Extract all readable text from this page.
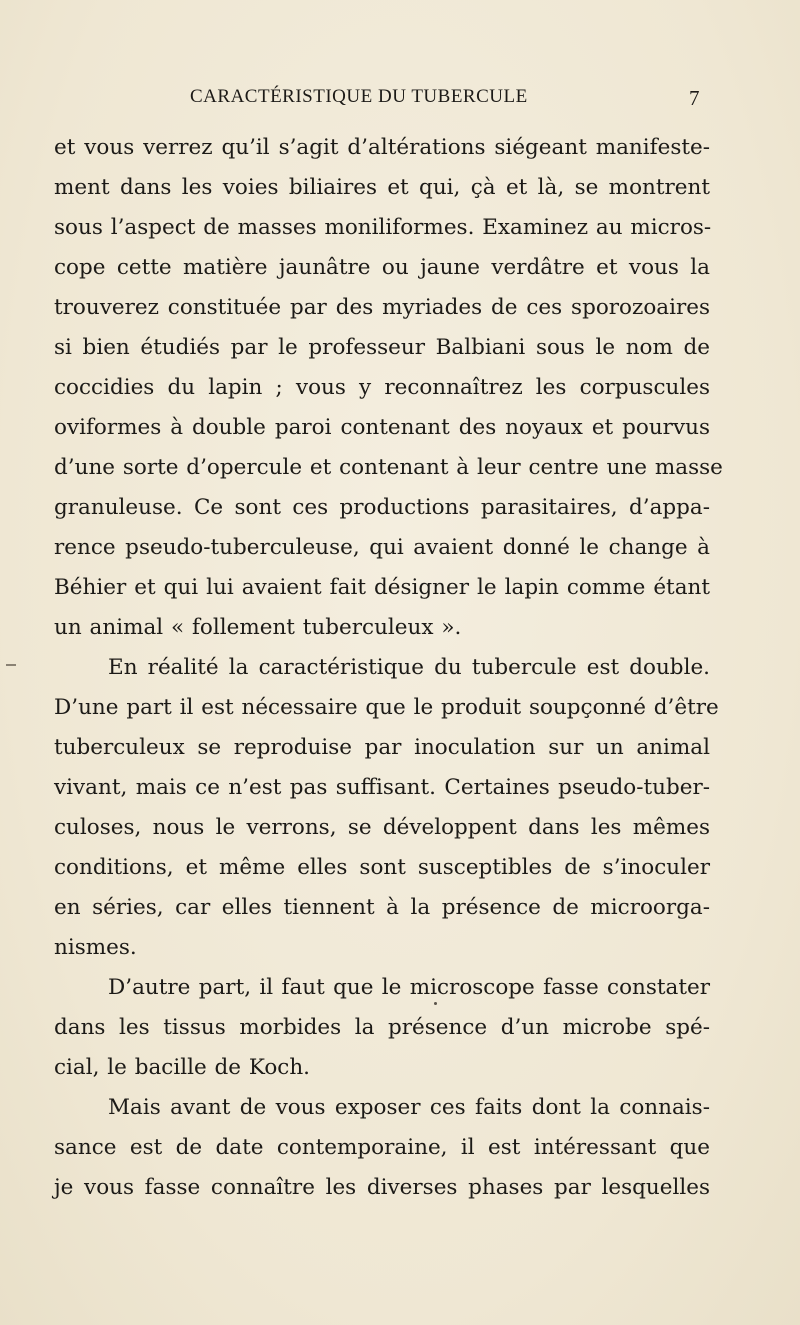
CARACTÉRISTIQUE DU TUBERCULE	7
et vous verrez qu’il s’agit d’altérations siégeant manifeste-
ment dans les voies biliaires et qui, çà et là, se montrent
sous l’aspect de masses moniliformes. Examinez au micros-
cope cette matière jaunâtre ou jaune verdâtre et vous la
trouverez constituée par des myriades de ces sporozoaires
si bien étudiés par le professeur Balbiani sous le nom de
coccidies du lapin ; vous y reconnaîtrez les corpuscules
oviformes à double paroi contenant des noyaux et pourvus
d’une sorte d’opercule et contenant à leur centre une masse
granuleuse. Ce sont ces productions parasitaires, d’appa-
rence pseudo-tuberculeuse, qui avaient donné le change à
Béhier et qui lui avaient fait désigner le lapin comme étant
un animal « follement tuberculeux ».
En réalité la caractéristique du tubercule est double.
D’une part il est nécessaire que le produit soupçonné d’être
tuberculeux se reproduise par inoculation sur un animal
vivant, mais ce n’est pas suffisant. Certaines pseudo-tuber-
culoses, nous le verrons, se développent dans les mêmes
conditions, et même elles sont susceptibles de s’inoculer
en séries, car elles tiennent à la présence de microorga-
nismes.
D’autre part, il faut que le microscope fasse constater
dans les tissus morbides la présence d’un microbe spé-
cial, le bacille de Koch.
Mais avant de vous exposer ces faits dont la connais-
sance est de date contemporaine, il est intéressant que
je vous fasse connaître les diverses phases par lesquelles
